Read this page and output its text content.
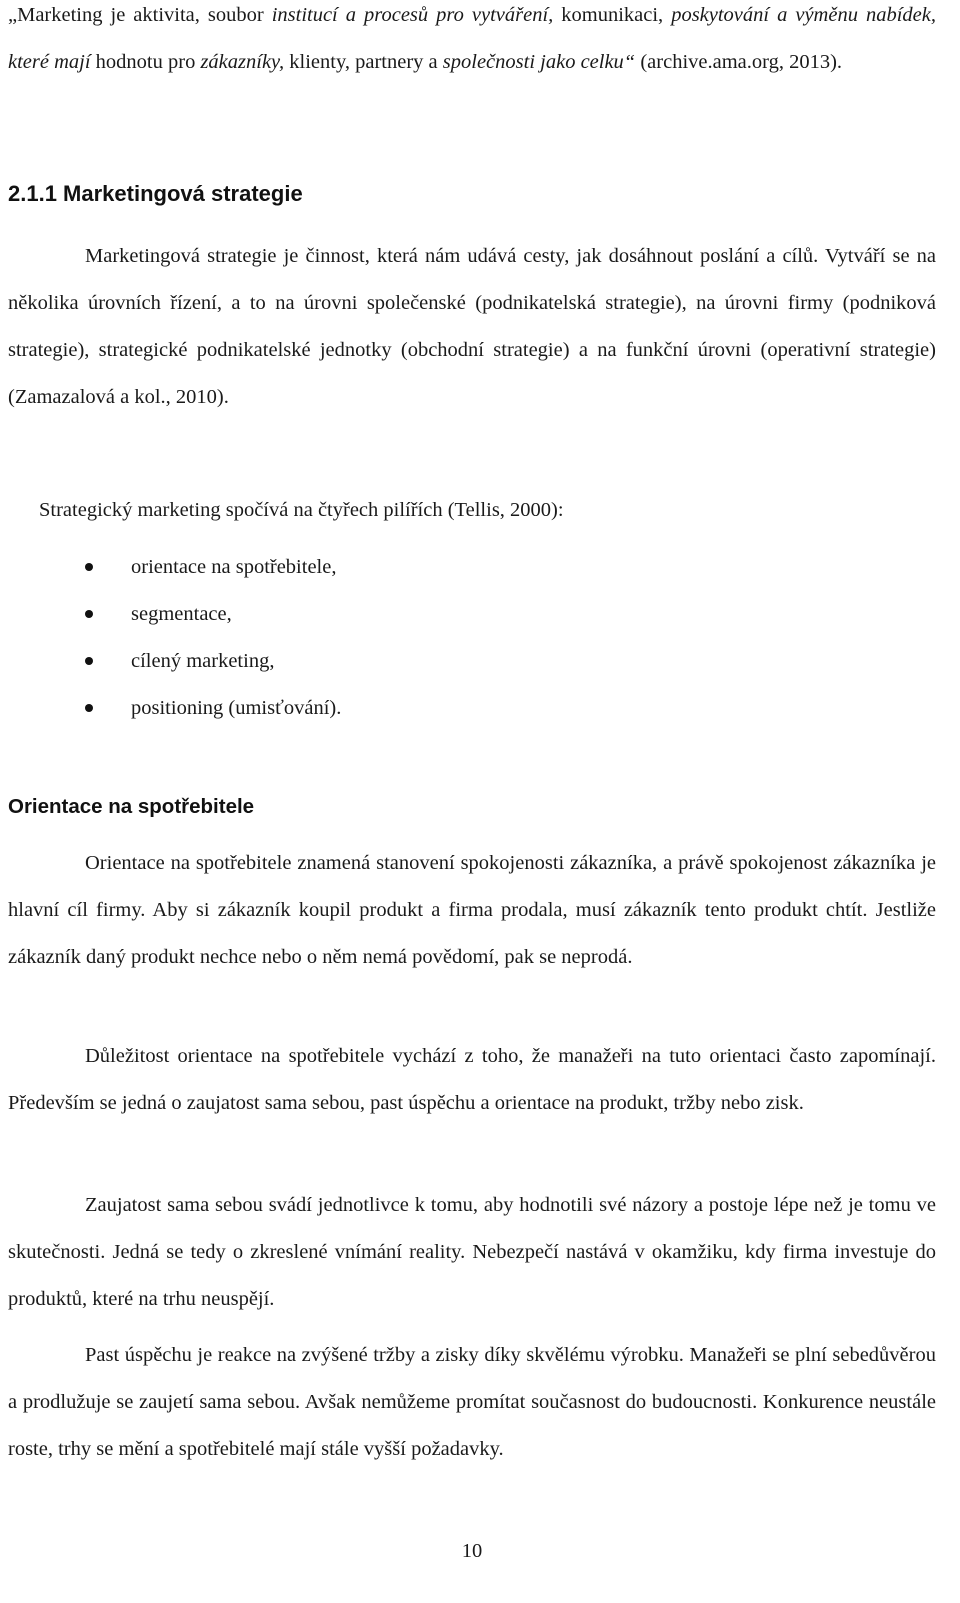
„Marketing je aktivita, soubor institucí a procesů pro vytváření, komunikaci, poskytování a výměnu nabídek, které mají hodnotu pro zákazníky, klienty, partnery a společnosti jako celku“ (archive.ama.org, 2013).

2.1.1 Marketingová strategie

Marketingová strategie je činnost, která nám udává cesty, jak dosáhnout poslání a cílů. Vytváří se na několika úrovních řízení, a to na úrovni společenské (podnikatelská strategie), na úrovni firmy (podniková strategie), strategické podnikatelské jednotky (obchodní strategie) a na funkční úrovni (operativní strategie) (Zamazalová a kol., 2010).

Strategický marketing spočívá na čtyřech pilířích (Tellis, 2000):

orientace na spotřebitele,
segmentace,
cílený marketing,
positioning (umisťování).
Orientace na spotřebitele

Orientace na spotřebitele znamená stanovení spokojenosti zákazníka, a právě spokojenost zákazníka je hlavní cíl firmy. Aby si zákazník koupil produkt a firma prodala, musí zákazník tento produkt chtít. Jestliže zákazník daný produkt nechce nebo o něm nemá povědomí, pak se neprodá.

Důležitost orientace na spotřebitele vychází z toho, že manažeři na tuto orientaci často zapomínají. Především se jedná o zaujatost sama sebou, past úspěchu a orientace na produkt, tržby nebo zisk.

Zaujatost sama sebou svádí jednotlivce k tomu, aby hodnotili své názory a postoje lépe než je tomu ve skutečnosti. Jedná se tedy o zkreslené vnímání reality. Nebezpečí nastává v okamžiku, kdy firma investuje do produktů, které na trhu neuspějí.

Past úspěchu je reakce na zvýšené tržby a zisky díky skvělému výrobku. Manažeři se plní sebedůvěrou a prodlužuje se zaujetí sama sebou. Avšak nemůžeme promítat současnost do budoucnosti. Konkurence neustále roste, trhy se mění a spotřebitelé mají stále vyšší požadavky.

10
